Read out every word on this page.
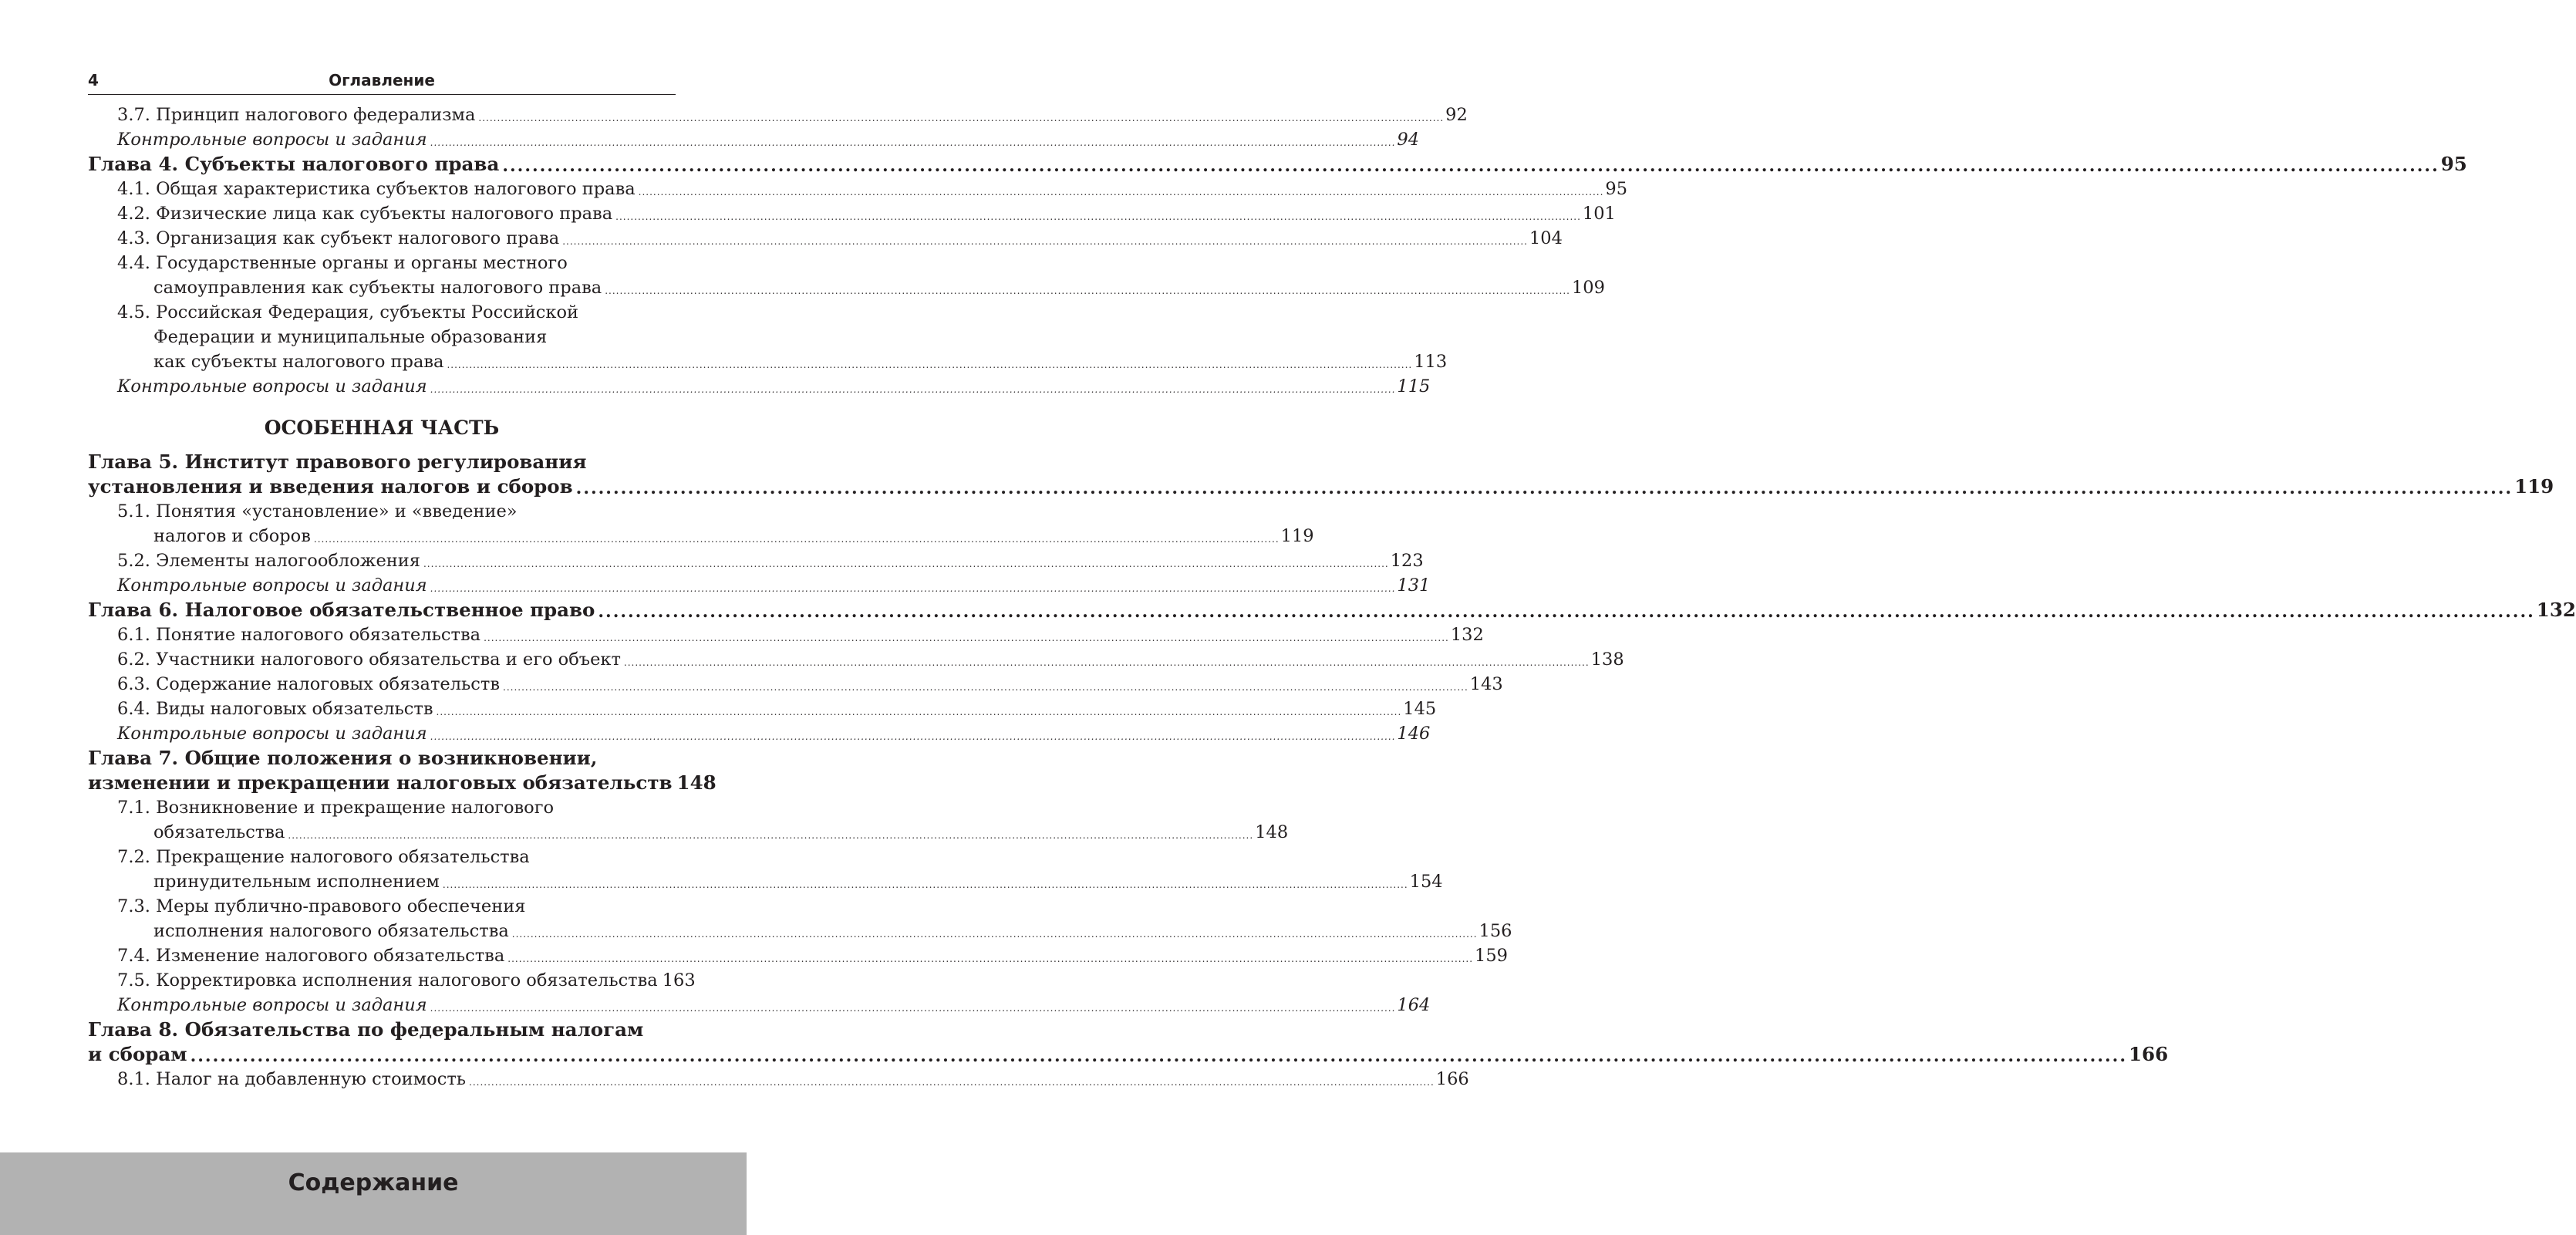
4	Оглавление
3.7. Принцип налогового федерализма .................................................................................................................................................................................................................................................................... 92
Контрольные вопросы и задания .................................................................................................................................................................................................................................................................... 94
Глава 4. Субъекты налогового права .................................................................................................................................................................................................................................................................... 95
4.1. Общая характеристика субъектов налогового права .................................................................................................................................................................................................................................................................... 95
4.2. Физические лица как субъекты налогового права .................................................................................................................................................................................................................................................................... 101
4.3. Организация как субъект налогового права .................................................................................................................................................................................................................................................................... 104
4.4. Государственные органы и органы местного
самоуправления как субъекты налогового права .................................................................................................................................................................................................................................................................... 109
4.5. Российская Федерация, субъекты Российской
Федерации и муниципальные образования
как субъекты налогового права .................................................................................................................................................................................................................................................................... 113
Контрольные вопросы и задания .................................................................................................................................................................................................................................................................... 115
ОСОБЕННАЯ ЧАСТЬ
Глава 5. Институт правового регулирования
установления и введения налогов и сборов .................................................................................................................................................................................................................................................................... 119
5.1. Понятия «установление» и «введение»
налогов и сборов .................................................................................................................................................................................................................................................................... 119
5.2. Элементы налогообложения .................................................................................................................................................................................................................................................................... 123
Контрольные вопросы и задания .................................................................................................................................................................................................................................................................... 131
Глава 6. Налоговое обязательственное право .................................................................................................................................................................................................................................................................... 132
6.1. Понятие налогового обязательства .................................................................................................................................................................................................................................................................... 132
6.2. Участники налогового обязательства и его объект .................................................................................................................................................................................................................................................................... 138
6.3. Содержание налоговых обязательств .................................................................................................................................................................................................................................................................... 143
6.4. Виды налоговых обязательств .................................................................................................................................................................................................................................................................... 145
Контрольные вопросы и задания .................................................................................................................................................................................................................................................................... 146
Глава 7. Общие положения о возникновении,
изменении и прекращении налоговых обязательств 148
7.1. Возникновение и прекращение налогового
обязательства .................................................................................................................................................................................................................................................................... 148
7.2. Прекращение налогового обязательства
принудительным исполнением .................................................................................................................................................................................................................................................................... 154
7.3. Меры публично-правового обеспечения
исполнения налогового обязательства .................................................................................................................................................................................................................................................................... 156
7.4. Изменение налогового обязательства .................................................................................................................................................................................................................................................................... 159
7.5. Корректировка исполнения налогового обязательства 163
Контрольные вопросы и задания .................................................................................................................................................................................................................................................................... 164
Глава 8. Обязательства по федеральным налогам
и сборам .................................................................................................................................................................................................................................................................... 166
8.1. Налог на добавленную стоимость .................................................................................................................................................................................................................................................................... 166
Содержание
